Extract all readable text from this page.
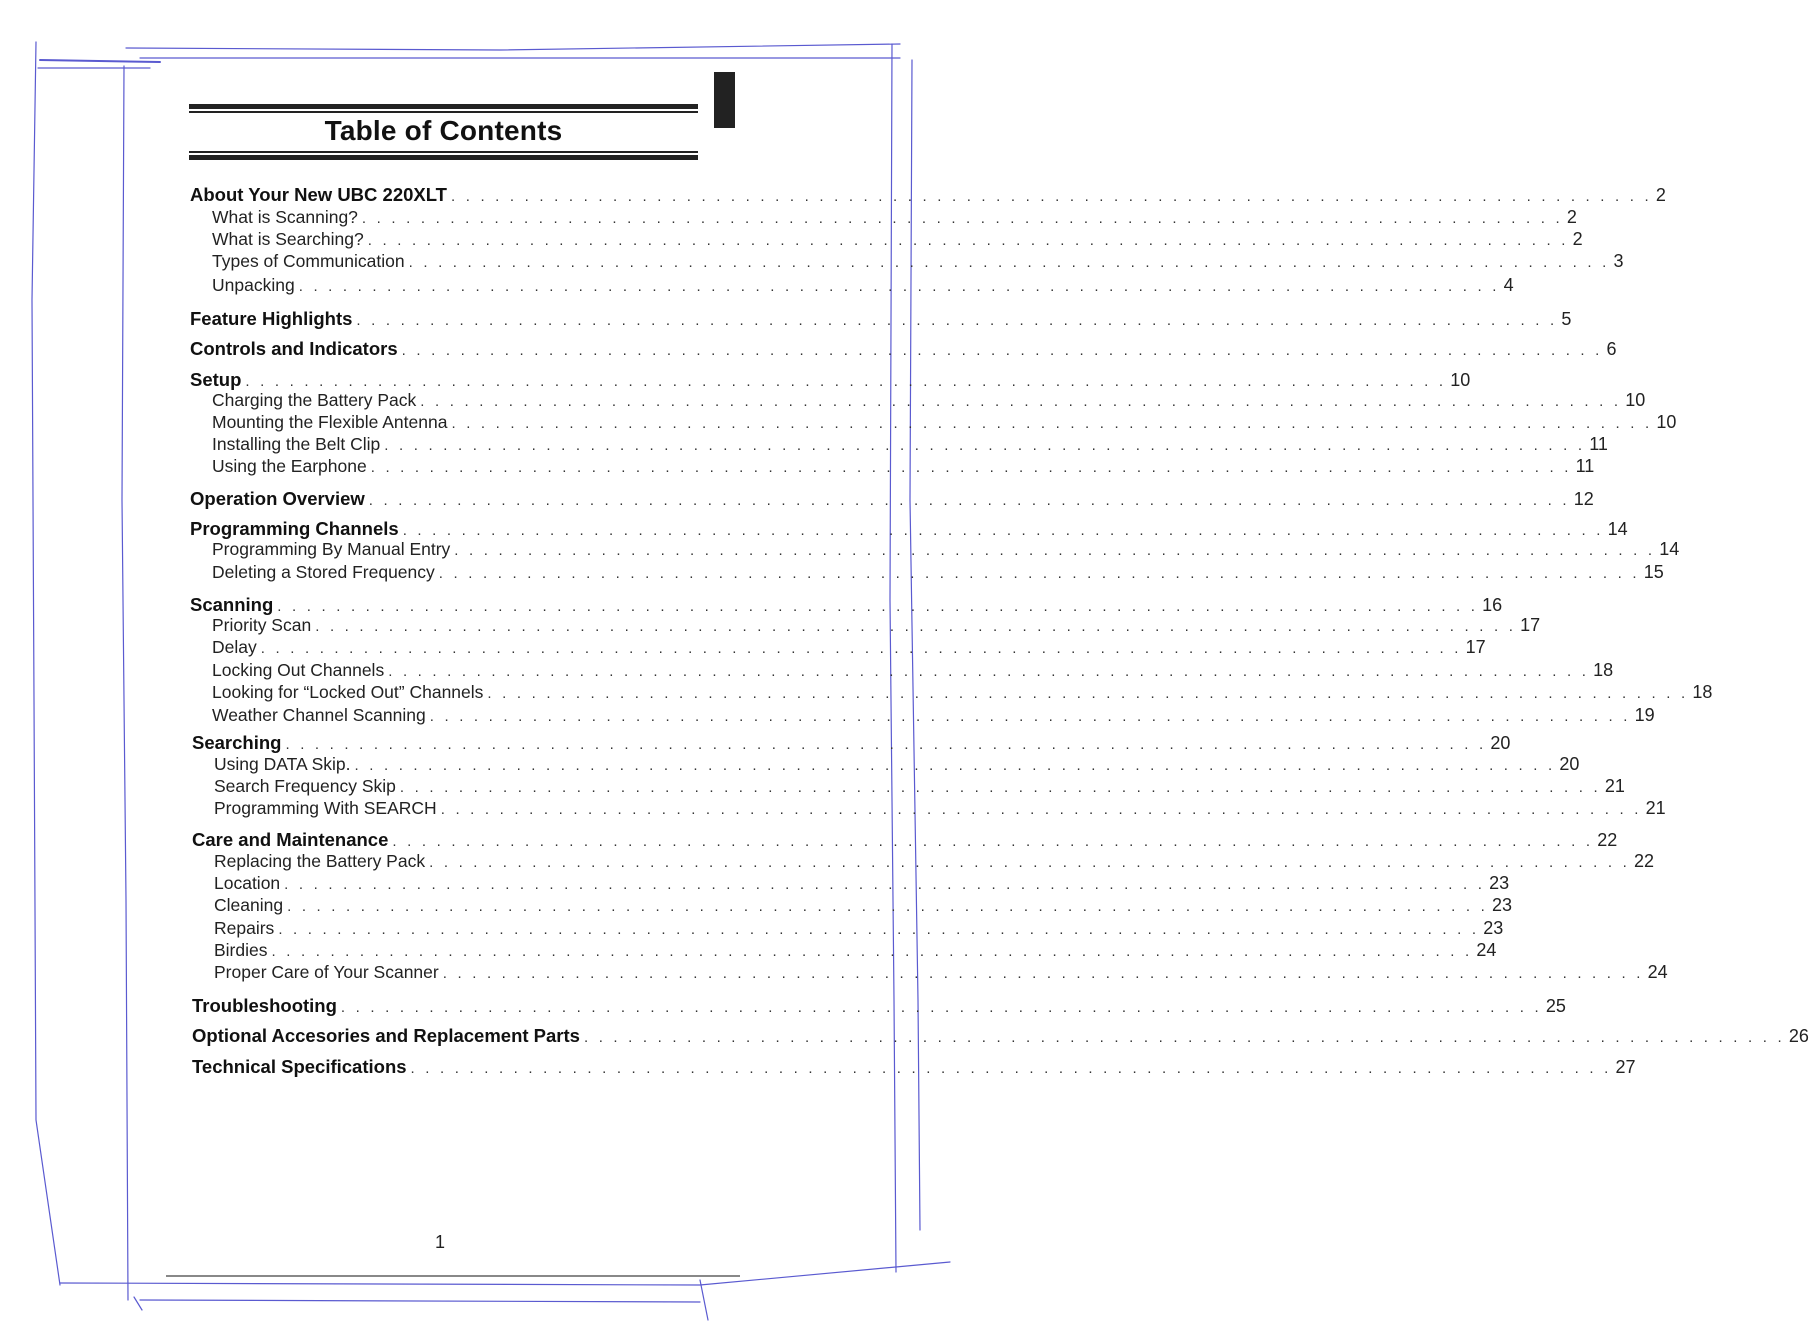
Table of Contents
About Your New UBC 220XLT . . . . . . . . . . . . . . . . . . . . . . . . . . . . . . . . . . . . . . . . . . . . . . . . . . . . . . . . . . . . . . . . . . . . . . . . . . . . . . . . . . 2
What is Scanning? . . . . . . . . . . . . . . . . . . . . . . . . . . . . . . . . . . . . . . . . . . . . . . . . . . . . . . . . . . . . . . . . . . . . . . . . . . . . . . . . . . 2
What is Searching? . . . . . . . . . . . . . . . . . . . . . . . . . . . . . . . . . . . . . . . . . . . . . . . . . . . . . . . . . . . . . . . . . . . . . . . . . . . . . . . . . . 2
Types of Communication . . . . . . . . . . . . . . . . . . . . . . . . . . . . . . . . . . . . . . . . . . . . . . . . . . . . . . . . . . . . . . . . . . . . . . . . . . . . . . . . . . 3
Unpacking . . . . . . . . . . . . . . . . . . . . . . . . . . . . . . . . . . . . . . . . . . . . . . . . . . . . . . . . . . . . . . . . . . . . . . . . . . . . . . . . . . 4
Feature Highlights . . . . . . . . . . . . . . . . . . . . . . . . . . . . . . . . . . . . . . . . . . . . . . . . . . . . . . . . . . . . . . . . . . . . . . . . . . . . . . . . . . 5
Controls and Indicators . . . . . . . . . . . . . . . . . . . . . . . . . . . . . . . . . . . . . . . . . . . . . . . . . . . . . . . . . . . . . . . . . . . . . . . . . . . . . . . . . . 6
Setup . . . . . . . . . . . . . . . . . . . . . . . . . . . . . . . . . . . . . . . . . . . . . . . . . . . . . . . . . . . . . . . . . . . . . . . . . . . . . . . . . . 10
Charging the Battery Pack . . . . . . . . . . . . . . . . . . . . . . . . . . . . . . . . . . . . . . . . . . . . . . . . . . . . . . . . . . . . . . . . . . . . . . . . . . . . . . . . . . 10
Mounting the Flexible Antenna . . . . . . . . . . . . . . . . . . . . . . . . . . . . . . . . . . . . . . . . . . . . . . . . . . . . . . . . . . . . . . . . . . . . . . . . . . . . . . . . . . 10
Installing the Belt Clip . . . . . . . . . . . . . . . . . . . . . . . . . . . . . . . . . . . . . . . . . . . . . . . . . . . . . . . . . . . . . . . . . . . . . . . . . . . . . . . . . . 11
Using the Earphone . . . . . . . . . . . . . . . . . . . . . . . . . . . . . . . . . . . . . . . . . . . . . . . . . . . . . . . . . . . . . . . . . . . . . . . . . . . . . . . . . . 11
Operation Overview . . . . . . . . . . . . . . . . . . . . . . . . . . . . . . . . . . . . . . . . . . . . . . . . . . . . . . . . . . . . . . . . . . . . . . . . . . . . . . . . . . 12
Programming Channels . . . . . . . . . . . . . . . . . . . . . . . . . . . . . . . . . . . . . . . . . . . . . . . . . . . . . . . . . . . . . . . . . . . . . . . . . . . . . . . . . . 14
Programming By Manual Entry . . . . . . . . . . . . . . . . . . . . . . . . . . . . . . . . . . . . . . . . . . . . . . . . . . . . . . . . . . . . . . . . . . . . . . . . . . . . . . . . . . 14
Deleting a Stored Frequency . . . . . . . . . . . . . . . . . . . . . . . . . . . . . . . . . . . . . . . . . . . . . . . . . . . . . . . . . . . . . . . . . . . . . . . . . . . . . . . . . . 15
Scanning . . . . . . . . . . . . . . . . . . . . . . . . . . . . . . . . . . . . . . . . . . . . . . . . . . . . . . . . . . . . . . . . . . . . . . . . . . . . . . . . . . 16
Priority Scan . . . . . . . . . . . . . . . . . . . . . . . . . . . . . . . . . . . . . . . . . . . . . . . . . . . . . . . . . . . . . . . . . . . . . . . . . . . . . . . . . . 17
Delay . . . . . . . . . . . . . . . . . . . . . . . . . . . . . . . . . . . . . . . . . . . . . . . . . . . . . . . . . . . . . . . . . . . . . . . . . . . . . . . . . . 17
Locking Out Channels . . . . . . . . . . . . . . . . . . . . . . . . . . . . . . . . . . . . . . . . . . . . . . . . . . . . . . . . . . . . . . . . . . . . . . . . . . . . . . . . . . 18
Looking for “Locked Out” Channels . . . . . . . . . . . . . . . . . . . . . . . . . . . . . . . . . . . . . . . . . . . . . . . . . . . . . . . . . . . . . . . . . . . . . . . . . . . . . . . . . . 18
Weather Channel Scanning . . . . . . . . . . . . . . . . . . . . . . . . . . . . . . . . . . . . . . . . . . . . . . . . . . . . . . . . . . . . . . . . . . . . . . . . . . . . . . . . . . 19
Searching . . . . . . . . . . . . . . . . . . . . . . . . . . . . . . . . . . . . . . . . . . . . . . . . . . . . . . . . . . . . . . . . . . . . . . . . . . . . . . . . . . 20
Using DATA Skip. . . . . . . . . . . . . . . . . . . . . . . . . . . . . . . . . . . . . . . . . . . . . . . . . . . . . . . . . . . . . . . . . . . . . . . . . . . . . . . . . . . 20
Search Frequency Skip . . . . . . . . . . . . . . . . . . . . . . . . . . . . . . . . . . . . . . . . . . . . . . . . . . . . . . . . . . . . . . . . . . . . . . . . . . . . . . . . . . 21
Programming With SEARCH . . . . . . . . . . . . . . . . . . . . . . . . . . . . . . . . . . . . . . . . . . . . . . . . . . . . . . . . . . . . . . . . . . . . . . . . . . . . . . . . . . 21
Care and Maintenance . . . . . . . . . . . . . . . . . . . . . . . . . . . . . . . . . . . . . . . . . . . . . . . . . . . . . . . . . . . . . . . . . . . . . . . . . . . . . . . . . . 22
Replacing the Battery Pack . . . . . . . . . . . . . . . . . . . . . . . . . . . . . . . . . . . . . . . . . . . . . . . . . . . . . . . . . . . . . . . . . . . . . . . . . . . . . . . . . . 22
Location . . . . . . . . . . . . . . . . . . . . . . . . . . . . . . . . . . . . . . . . . . . . . . . . . . . . . . . . . . . . . . . . . . . . . . . . . . . . . . . . . . 23
Cleaning . . . . . . . . . . . . . . . . . . . . . . . . . . . . . . . . . . . . . . . . . . . . . . . . . . . . . . . . . . . . . . . . . . . . . . . . . . . . . . . . . . 23
Repairs . . . . . . . . . . . . . . . . . . . . . . . . . . . . . . . . . . . . . . . . . . . . . . . . . . . . . . . . . . . . . . . . . . . . . . . . . . . . . . . . . . 23
Birdies . . . . . . . . . . . . . . . . . . . . . . . . . . . . . . . . . . . . . . . . . . . . . . . . . . . . . . . . . . . . . . . . . . . . . . . . . . . . . . . . . . 24
Proper Care of Your Scanner . . . . . . . . . . . . . . . . . . . . . . . . . . . . . . . . . . . . . . . . . . . . . . . . . . . . . . . . . . . . . . . . . . . . . . . . . . . . . . . . . . 24
Troubleshooting . . . . . . . . . . . . . . . . . . . . . . . . . . . . . . . . . . . . . . . . . . . . . . . . . . . . . . . . . . . . . . . . . . . . . . . . . . . . . . . . . . 25
Optional Accesories and Replacement Parts . . . . . . . . . . . . . . . . . . . . . . . . . . . . . . . . . . . . . . . . . . . . . . . . . . . . . . . . . . . . . . . . . . . . . . . . . . . . . . . . . . 26
Technical Specifications . . . . . . . . . . . . . . . . . . . . . . . . . . . . . . . . . . . . . . . . . . . . . . . . . . . . . . . . . . . . . . . . . . . . . . . . . . . . . . . . . . 27
1
